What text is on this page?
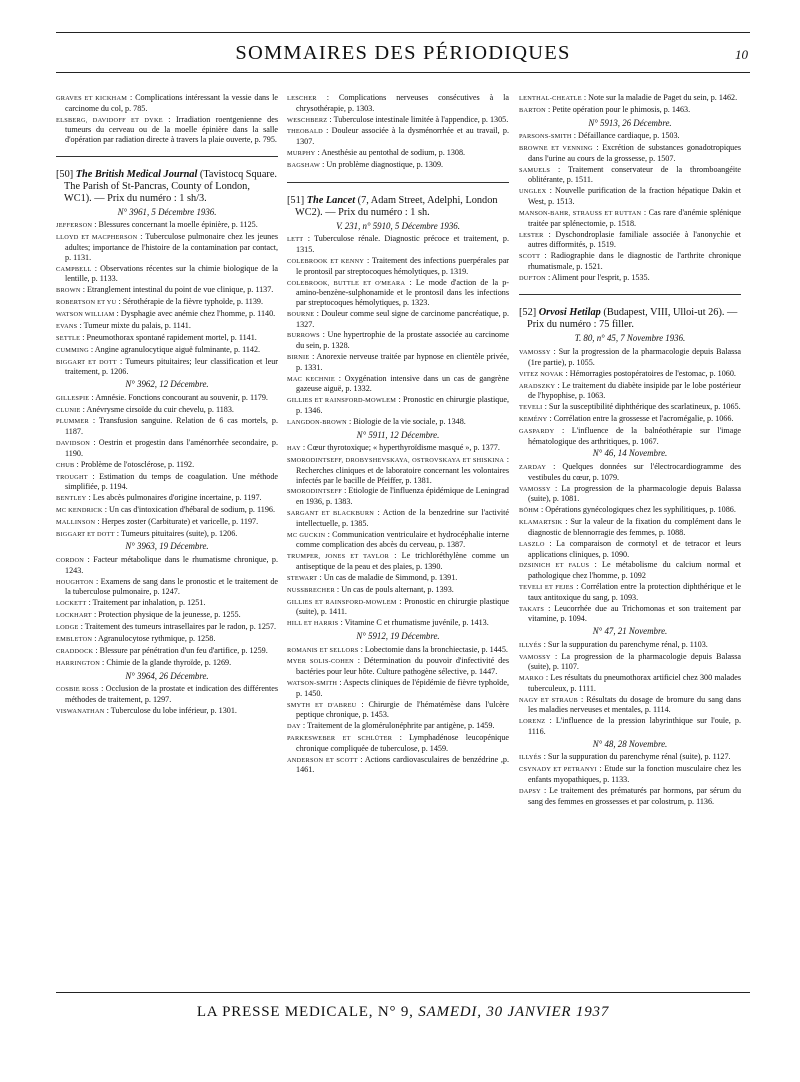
SOMMAIRES DES PÉRIODIQUES	10
GRAVES ET KICKHAM : Complications intéressant la vessie dans le carcinome du col, p. 785.
ELSBERG, DAVIDOFF ET DYKE : Irradiation roentgenienne des tumeurs du cerveau ou de la moelle épinière dans la salle d'opération par radiation directe à travers la plaie ouverte, p. 795.
[50] The British Medical Journal (Tavistocq Square. The Parish of St-Pancras, County of London, WC1). — Prix du numéro : 1 sh/3.
N° 3961, 5 Décembre 1936.
JEFFERSON : Blessures concernant la moelle épinière, p. 1125.
LLOYD ET MACPHERSON : Tuberculose pulmonaire chez les jeunes adultes; importance de l'histoire de la contamination par contact, p. 1131.
CAMPBELL : Observations récentes sur la chimie biologique de la lentille, p. 1133.
BROWN : Etranglement intestinal du point de vue clinique, p. 1137.
ROBERTSON ET YU : Sérothérapie de la fièvre typhoïde, p. 1139.
WATSON WILLIAM : Dysphagie avec anémie chez l'homme, p. 1140.
EVANS : Tumeur mixte du palais, p. 1141.
SETTLE : Pneumothorax spontané rapidement mortel, p. 1141.
CUMMING : Angine agranulocytique aiguë fulminante, p. 1142.
BIGGART ET DOTT : Tumeurs pituitaires; leur classification et leur traitement, p. 1206.
N° 3962, 12 Décembre.
GILLESPIE : Amnésie. Fonctions concourant au souvenir, p. 1179.
CLUNIE : Anévrysme cirsoïde du cuir chevelu, p. 1183.
PLUMMER : Transfusion sanguine. Relation de 6 cas mortels, p. 1187.
DAVIDSON : Oestrin et progestin dans l'aménorrhée secondaire, p. 1190.
CHUB : Problème de l'otosclérose, p. 1192.
TROUGHT : Estimation du temps de coagulation. Une méthode simplifiée, p. 1194.
BENTLEY : Les abcès pulmonaires d'origine incertaine, p. 1197.
MC KENDRICK : Un cas d'intoxication d'hébaral de sodium, p. 1196.
MALLINSON : Herpes zoster (Carbiturate) et varicelle, p. 1197.
BIGGART ET DOTT : Tumeurs pituitaires (suite), p. 1206.
N° 3963, 19 Décembre.
CORDON : Facteur métabolique dans le rhumatisme chronique, p. 1243.
HOUGHTON : Examens de sang dans le pronostic et le traitement de la tuberculose pulmonaire, p. 1247.
LOCKETT : Traitement par inhalation, p. 1251.
LOCKHART : Protection physique de la jeunesse, p. 1255.
LODGE : Traitement des tumeurs intrasellaires par le radon, p. 1257.
EMBLETON : Agranulocytose rythmique, p. 1258.
CRADDOCK : Blessure par pénétration d'un feu d'artifice, p. 1259.
HARRINGTON : Chimie de la glande thyroïde, p. 1269.
N° 3964, 26 Décembre.
COSBIE ROSS : Occlusion de la prostate et indication des différentes méthodes de traitement, p. 1297.
VISWANATHAN : Tuberculose du lobe inférieur, p. 1301.
LESCHER : Complications nerveuses consécutives à la chrysothérapie, p. 1303.
WESCHBERZ : Tuberculose intestinale limitée à l'appendice, p. 1305.
THEOBALD : Douleur associée à la dysménorrhée et au travail, p. 1307.
MURPHY : Anesthésie au pentothal de sodium, p. 1308.
BAGSHAW : Un problème diagnostique, p. 1309.
[51] The Lancet (7, Adam Street, Adelphi, London WC2). — Prix du numéro : 1 sh.
V. 231, n° 5910, 5 Décembre 1936.
LETT : Tuberculose rénale. Diagnostic précoce et traitement, p. 1315.
COLEBROOK ET KENNY : Traitement des infections puerpérales par le prontosil par streptocoques hémolytiques, p. 1319.
COLEBROOK, BUTTLE ET O'MEARA : Le mode d'action de la p-amino-benzène-sulphonamide et le prontosil dans les infections par streptocoques hémolytiques, p. 1323.
BOURNE : Douleur comme seul signe de carcinome pancréatique, p. 1327.
BURROWS : Une hypertrophie de la prostate associée au carcinome du sein, p. 1328.
BIRNIE : Anorexie nerveuse traitée par hypnose en clientèle privée, p. 1331.
MAC KECHNIE : Oxygénation intensive dans un cas de gangrène gazeuse aiguë, p. 1332.
GILLIES ET RAINSFORD-MOWLEM : Pronostic en chirurgie plastique, p. 1346.
LANGDON-BROWN : Biologie de la vie sociale, p. 1348.
N° 5911, 12 Décembre.
HAY : Cœur thyrotoxique; « hyperthyroïdisme masqué », p. 1377.
SMORODINTSEFF, DROBYSHEVSKAYA, OSTROVSKAYA ET SHISKINA : Recherches cliniques et de laboratoire concernant les volontaires infectés par le bacille de Pfeiffer, p. 1381.
SMORODINTSEFF : Etiologie de l'influenza épidémique de Leningrad en 1936, p. 1383.
SARGANT ET BLACKBURN : Action de la benzedrine sur l'activité intellectuelle, p. 1385.
MC GUCKIN : Communication ventriculaire et hydrocéphalie interne comme complication des abcès du cerveau, p. 1387.
TRUMPER, JONES ET TAYLOR : Le trichloréthylène comme un antiseptique de la peau et des plaies, p. 1390.
STEWART : Un cas de maladie de Simmond, p. 1391.
NUSSBRECHER : Un cas de pouls alternant, p. 1393.
GILLIES ET RAINSFORD-MOWLEM : Pronostic en chirurgie plastique (suite), p. 1411.
HILL ET HARRIS : Vitamine C et rhumatisme juvénile, p. 1413.
N° 5912, 19 Décembre.
ROMANIS ET SELLORS : Lobectomie dans la bronchiectasie, p. 1445.
MYER SOLIS-COHEN : Détermination du pouvoir d'infectivité des bactéries pour leur hôte. Culture pathogène sélective, p. 1447.
WATSON-SMITH : Aspects cliniques de l'épidémie de fièvre typhoïde, p. 1450.
SMYTH ET D'ABREU : Chirurgie de l'hématémèse dans l'ulcère peptique chronique, p. 1453.
DAY : Traitement de la glomérulonéphrite par antigène, p. 1459.
PARKESWEBER ET SCHLÜTER : Lymphadénose leucopénique chronique compliquée de tuberculose, p. 1459.
ANDERSON ET SCOTT : Actions cardiovasculaires de benzédrine ,p. 1461.
LENTHAL-CHEATLE : Note sur la maladie de Paget du sein, p. 1462.
BARTON : Petite opération pour le phimosis, p. 1463.
N° 5913, 26 Décembre.
PARSONS-SMITH : Défaillance cardiaque, p. 1503.
BROWNE ET VENNING : Excrétion de substances gonadotropiques dans l'urine au cours de la grossesse, p. 1507.
SAMUELS : Traitement conservateur de la thromboangéite oblitérante, p. 1511.
UNGLEX : Nouvelle purification de la fraction hépatique Dakin et West, p. 1513.
MANSON-BAHR, STRAUSS ET RUTTAN : Cas rare d'anémie splénique traitée par splénectomie, p. 1518.
LESTER : Dyschondroplasie familiale associée à l'anonychie et autres difformités, p. 1519.
SCOTT : Radiographie dans le diagnostic de l'arthrite chronique rhumatismale, p. 1521.
DUFTON : Aliment pour l'esprit, p. 1535.
[52] Orvosi Hetilap (Budapest, VIII, Ulloi-ut 26). — Prix du numéro : 75 filler.
T. 80, n° 45, 7 Novembre 1936.
VAMOSSY : Sur la progression de la pharmacologie depuis Balassa (1re partie), p. 1055.
VITEZ NOVAK : Hémorragies postopératoires de l'estomac, p. 1060.
ARADSZKY : Le traitement du diabète insipide par le lobe postérieur de l'hypophise, p. 1063.
TEVELI : Sur la susceptibilité diphthérique des scarlatineux, p. 1065.
KEMÉNY : Corrélation entre la grossesse et l'acromégalie, p. 1066.
GASPARDY : L'influence de la balnéothérapie sur l'image hématologique des arthritiques, p. 1067.
N° 46, 14 Novembre.
ZARDAY : Quelques données sur l'électrocardiogramme des vestibules du cœur, p. 1079.
VAMOSSY : La progression de la pharmacologie depuis Balassa (suite), p. 1081.
BÖHM : Opérations gynécologiques chez les syphilitiques, p. 1086.
KLAMARTSIK : Sur la valeur de la fixation du complément dans le diagnostic de blennorragie des femmes, p. 1088.
LASZLO : La comparaison de cormotyl et de tetracor et leurs applications cliniques, p. 1090.
DZSINICH ET FALUS : Le métabolisme du calcium normal et pathologique chez l'homme, p. 1092
TEVELI ET FEJES : Corrélation entre la protection diphthérique et le taux antitoxique du sang, p. 1093.
TAKATS : Leucorrhée due au Trichomonas et son traitement par vitamine, p. 1094.
N° 47, 21 Novembre.
ILLYÉS : Sur la suppuration du parenchyme rénal, p. 1103.
VAMOSSY : La progression de la pharmacologie depuis Balassa (suite), p. 1107.
MARKO : Les résultats du pneumothorax artificiel chez 300 malades tuberculeux, p. 1111.
NAGY ET STRAUB : Résultats du dosage de bromure du sang dans les maladies nerveuses et mentales, p. 1114.
LORENZ : L'influence de la pression labyrinthique sur l'ouïe, p. 1116.
N° 48, 28 Novembre.
ILLYÉS : Sur la suppuration du parenchyme rénal (suite), p. 1127.
CSYNADY ET PETRANYI : Etude sur la fonction musculaire chez les enfants myopathiques, p. 1133.
DAPSY : Le traitement des prématurés par hormons, par sérum du sang des femmes en grossesses et par colostrum, p. 1136.
LA PRESSE MEDICALE, N° 9, SAMEDI, 30 JANVIER 1937
